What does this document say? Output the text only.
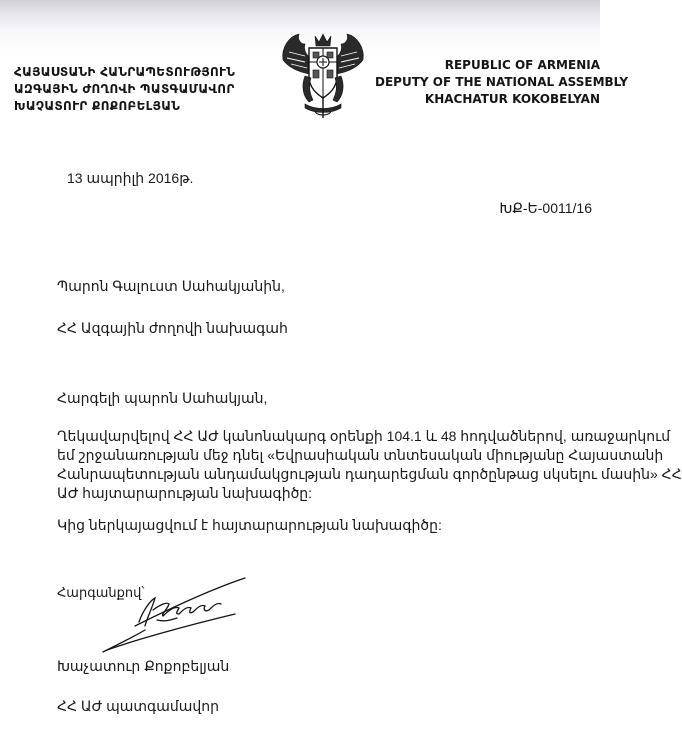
ՀԱՅԱՍՏԱՆԻ ՀԱՆՐԱՊԵՏՈՒԹՅՈՒՆ
ԱԶԳԱՅԻՆ ԺՈՂՈՎԻ ՊԱՏԳԱՄԱՎՈՐ
ԽԱՉԱՏՈՒՐ ՔՈՔՈԲԵԼՅԱՆ
REPUBLIC OF ARMENIA
DEPUTY OF THE NATIONAL ASSEMBLY
KHACHATUR KOKOBELYAN
13 ապրիլի 2016թ.
ԽՔ-Ե-0011/16
Պարոն Գալուստ Սահակյանին,
ՀՀ Ազգային ժողովի նախագահ
Հարգելի պարոն Սահակյան,
Ղեկավարվելով ՀՀ ԱԺ կանոնակարգ օրենքի 104.1 և 48 հոդվածներով, առաջարկում
եմ շրջանառության մեջ դնել «Եվրասիական տնտեսական միությանը Հայաստանի
Հանրապետության անդամակցության դադարեցման գործընթաց սկսելու մասին» ՀՀ
ԱԺ հայտարարության նախագիծը:
Կից ներկայացվում է հայտարարության նախագիծը:
Հարգանքով՝
Խաչատուր Քոքոբելյան
ՀՀ ԱԺ պատգամավոր
